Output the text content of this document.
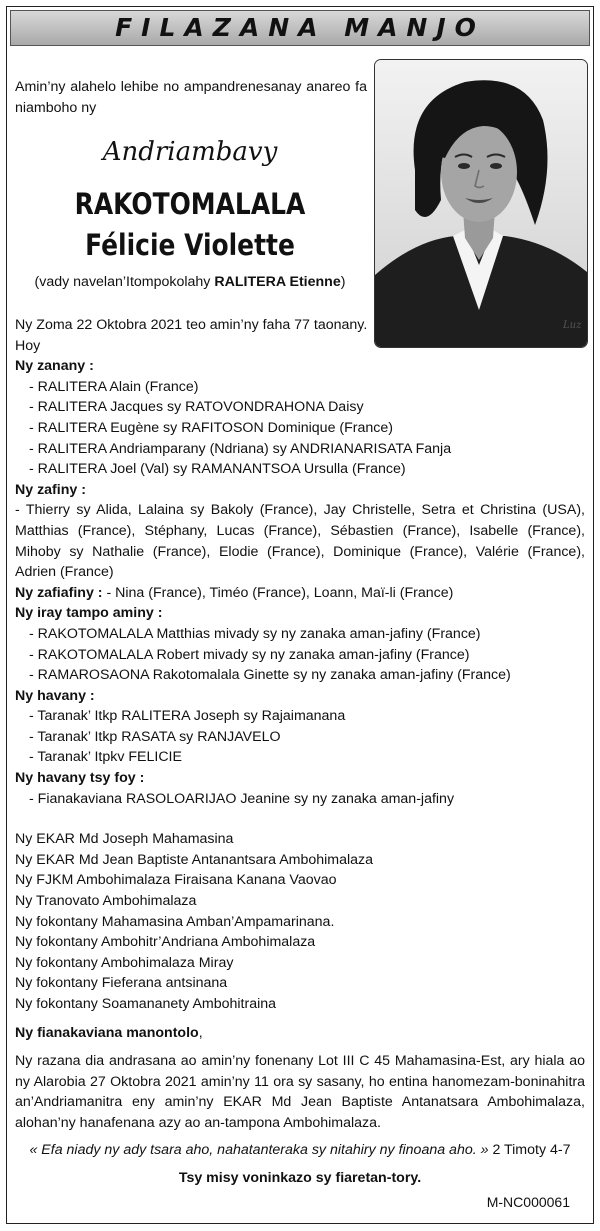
FILAZANA MANJO
Luz
Amin’ny alahelo lehibe no ampandrenesanay anareo fa niamboho ny
Andriambavy
RAKOTOMALALA
Félicie Violette
(vady navelan’Itompokolahy RALITERA Etienne)
Ny Zoma 22 Oktobra 2021 teo amin’ny faha 77 taonany.
Hoy
Ny zanany :
- RALITERA Alain (France)
- RALITERA Jacques sy RATOVONDRAHONA Daisy
- RALITERA Eugène sy RAFITOSON Dominique (France)
- RALITERA Andriamparany (Ndriana) sy ANDRIANARISATA Fanja
- RALITERA Joel (Val) sy RAMANANTSOA Ursulla (France)
Ny zafiny :
- Thierry sy Alida, Lalaina sy Bakoly (France), Jay Christelle, Setra et Christina (USA), Matthias (France), Stéphany, Lucas (France), Sébastien (France), Isabelle (France), Mihoby sy Nathalie (France), Elodie (France), Dominique (France), Valérie (France), Adrien (France)
Ny zafiafiny : - Nina (France), Timéo (France), Loann, Maï-li (France)
Ny iray tampo aminy :
- RAKOTOMALALA Matthias mivady sy ny zanaka aman-jafiny (France)
- RAKOTOMALALA Robert mivady sy ny zanaka aman-jafiny (France)
- RAMAROSAONA Rakotomalala Ginette sy ny zanaka aman-jafiny (France)
Ny havany :
- Taranak’ Itkp RALITERA Joseph sy Rajaimanana
- Taranak’ Itkp RASATA sy RANJAVELO
- Taranak’ Itpkv FELICIE
Ny havany tsy foy :
- Fianakaviana RASOLOARIJAO Jeanine sy ny zanaka aman-jafiny
Ny EKAR Md Joseph Mahamasina
Ny EKAR Md Jean Baptiste Antanantsara Ambohimalaza
Ny FJKM Ambohimalaza Firaisana Kanana Vaovao
Ny Tranovato Ambohimalaza
Ny fokontany Mahamasina Amban’Ampamarinana.
Ny fokontany Ambohitr’Andriana Ambohimalaza
Ny fokontany Ambohimalaza Miray
Ny fokontany Fieferana antsinana
Ny fokontany Soamananety Ambohitraina
Ny fianakaviana manontolo,
Ny razana dia andrasana ao amin’ny fonenany Lot III C 45 Mahamasina-Est, ary hiala ao ny Alarobia 27 Oktobra 2021 amin’ny 11 ora sy sasany, ho entina hanomezam-boninahitra an’Andriamanitra eny amin’ny EKAR Md Jean Baptiste Antanatsara Ambohimalaza, alohan’ny hanafenana azy ao an-tampona Ambohimalaza.
« Efa niady ny ady tsara aho, nahatanteraka sy nitahiry ny finoana aho. » 2 Timoty 4-7
Tsy misy voninkazo sy fiaretan-tory.
M-NC000061
